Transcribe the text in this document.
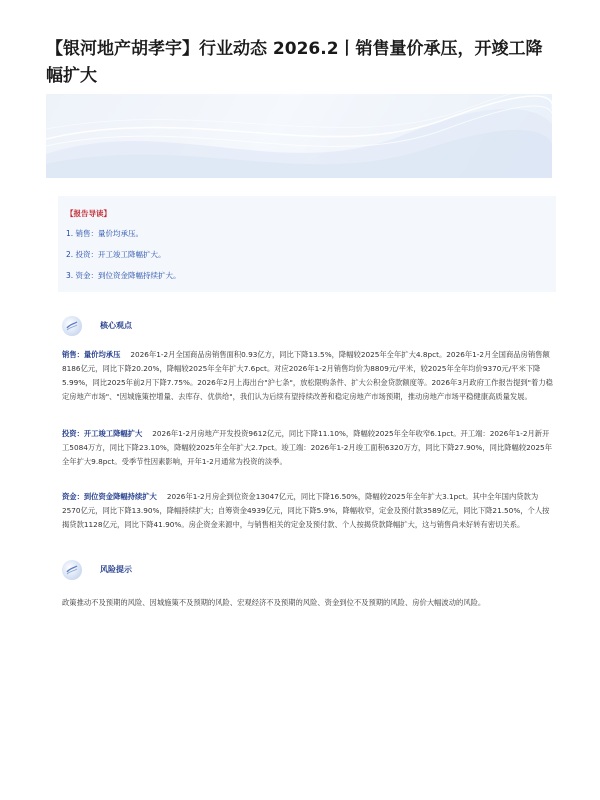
【银河地产胡孝宇】行业动态 2026.2丨销售量价承压，开竣工降幅扩大
【报告导读】
1. 销售：量价均承压。
2. 投资：开工竣工降幅扩大。
3. 资金：到位资金降幅持续扩大。
核心观点

销售：量价均承压 2026年1-2月全国商品房销售面积0.93亿方，同比下降13.5%，降幅较2025年全年扩大4.8pct。2026年1-2月全国商品房销售额8186亿元，同比下降20.20%，降幅较2025年全年扩大7.6pct。对应2026年1-2月销售均价为8809元/平米，较2025年全年均价9370元/平米下降5.99%，同比2025年前2月下降7.75%。2026年2月上海出台"沪七条"，放松限购条件、扩大公积金贷款额度等。2026年3月政府工作报告提到"着力稳定房地产市场"、"因城施策控增量、去库存、优供给"，我们认为后续有望持续改善和稳定房地产市场预期，推动房地产市场平稳健康高质量发展。

投资：开工竣工降幅扩大 2026年1-2月房地产开发投资9612亿元，同比下降11.10%，降幅较2025年全年收窄6.1pct。开工端：2026年1-2月新开工5084万方，同比下降23.10%，降幅较2025年全年扩大2.7pct。竣工端：2026年1-2月竣工面积6320万方，同比下降27.90%，同比降幅较2025年全年扩大9.8pct。受季节性因素影响，开年1-2月通常为投资的淡季。

资金：到位资金降幅持续扩大 2026年1-2月房企到位资金13047亿元，同比下降16.50%，降幅较2025年全年扩大3.1pct。其中全年国内贷款为2570亿元，同比下降13.90%，降幅持续扩大；自筹资金4939亿元，同比下降5.9%，降幅收窄，定金及预付款3589亿元，同比下降21.50%，个人按揭贷款1128亿元，同比下降41.90%。房企资金来源中，与销售相关的定金及预付款、个人按揭贷款降幅扩大，这与销售尚未好转有密切关系。

风险提示

政策推动不及预期的风险、因城施策不及预期的风险、宏观经济不及预期的风险、资金到位不及预期的风险、房价大幅波动的风险。
